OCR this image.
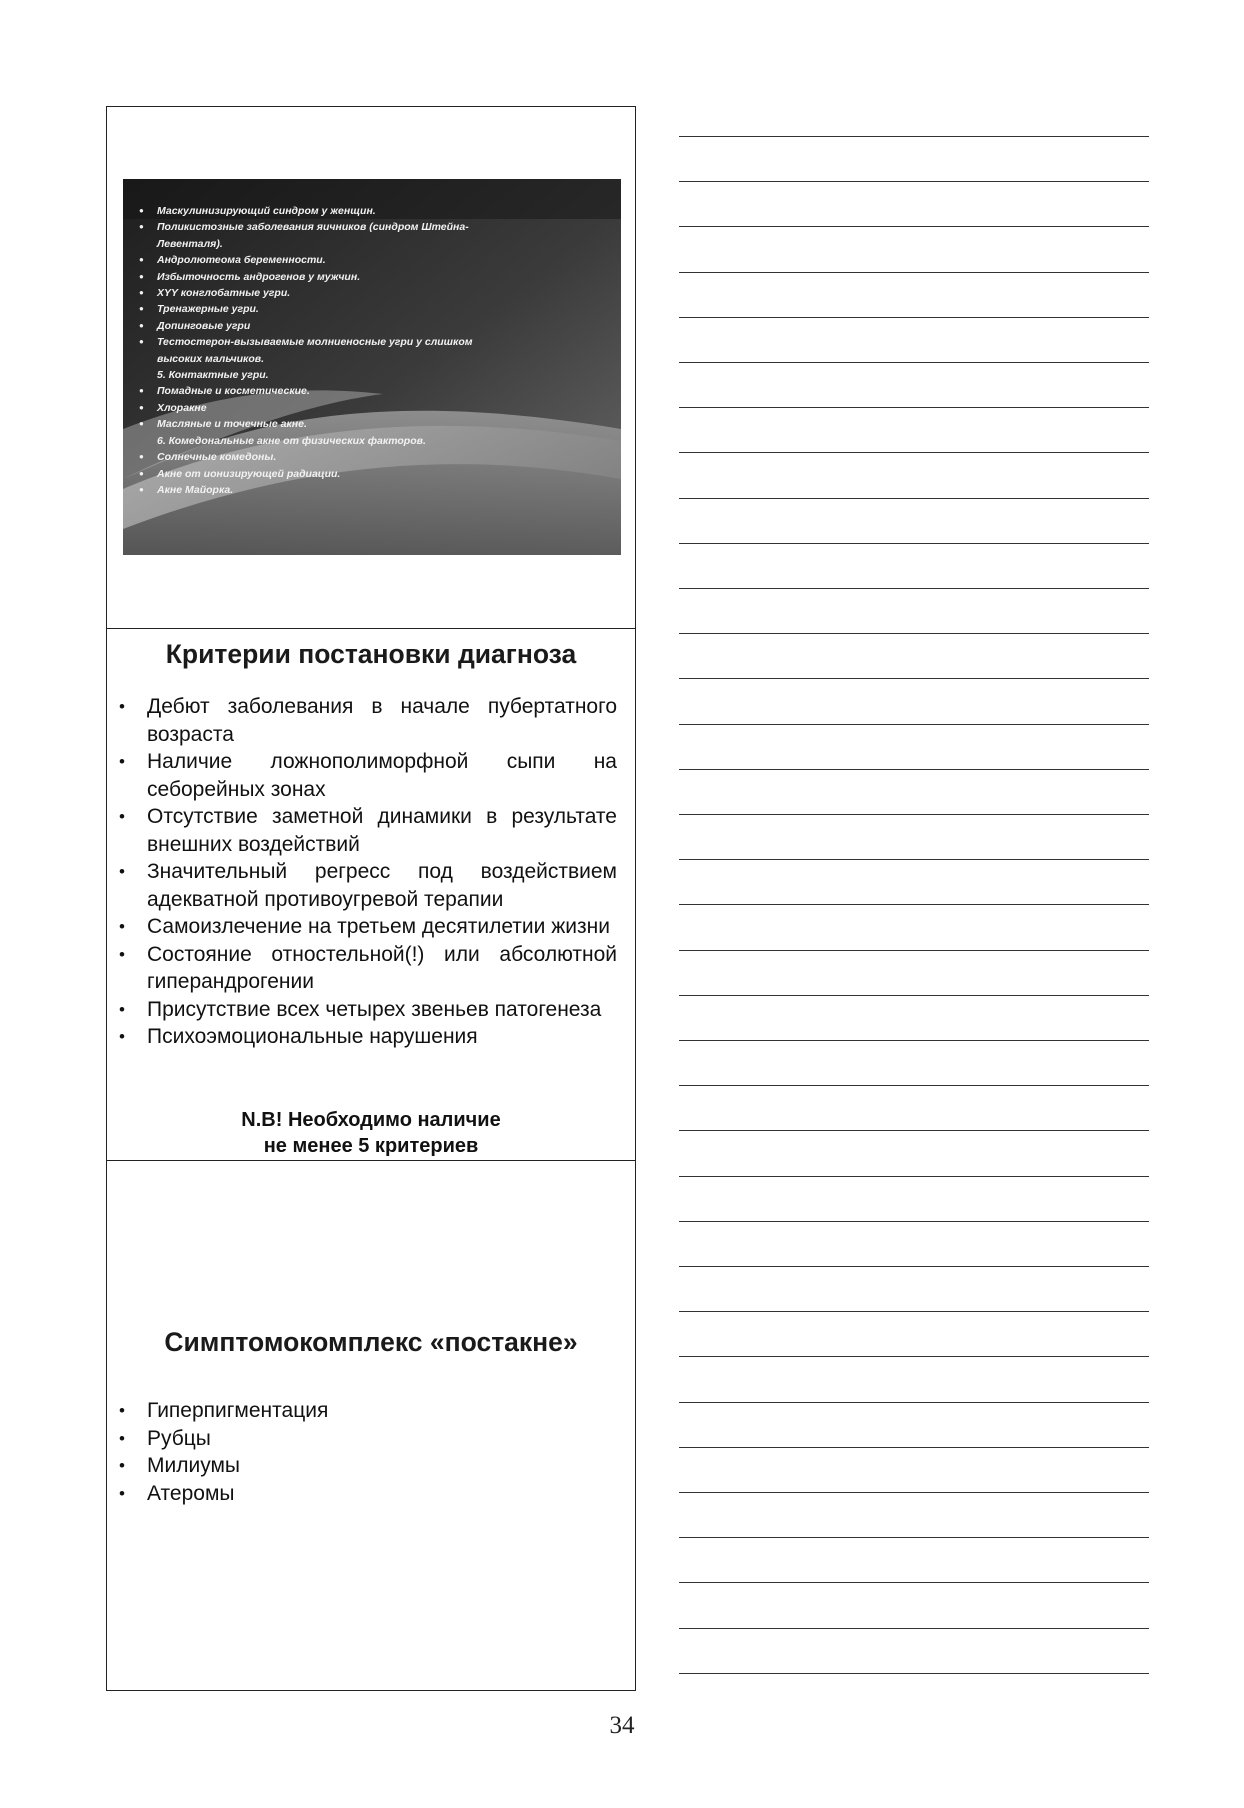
● Маскулинизирующий синдром у женщин.
● Поликистозные заболевания яичников (синдром Штейна-
Левенталя).
● Андролютеома беременности.
● Избыточность андрогенов у мужчин.
● XYY конглобатные угри.
● Тренажерные угри.
● Допинговые угри
● Тестостерон-вызываемые молниеносные угри у слишком
высоких мальчиков.
5. Контактные угри.
● Помадные и косметические.
● Хлоракне
● Масляные и точечные акне.
6. Комедональные акне от физических факторов.
● Солнечные комедоны.
● Акне от ионизирующей радиации.
● Акне Майорка.
Критерии постановки диагноза
• Дебют заболевания в начале пубертатного возраста
• Наличие ложнополиморфной сыпи на себорейных зонах
• Отсутствие заметной динамики в результате внешних воздействий
• Значительный регресс под воздействием адекватной противоугревой терапии
• Самоизлечение на третьем десятилетии жизни
• Состояние отностельной(!) или абсолютной гиперандрогении
• Присутствие всех четырех звеньев патогенеза
• Психоэмоциональные нарушения

N.B! Необходимо наличие
не менее 5 критериев

Симптомокомплекс «постакне»
• Гиперпигментация
• Рубцы
• Милиумы
• Атеромы
34
